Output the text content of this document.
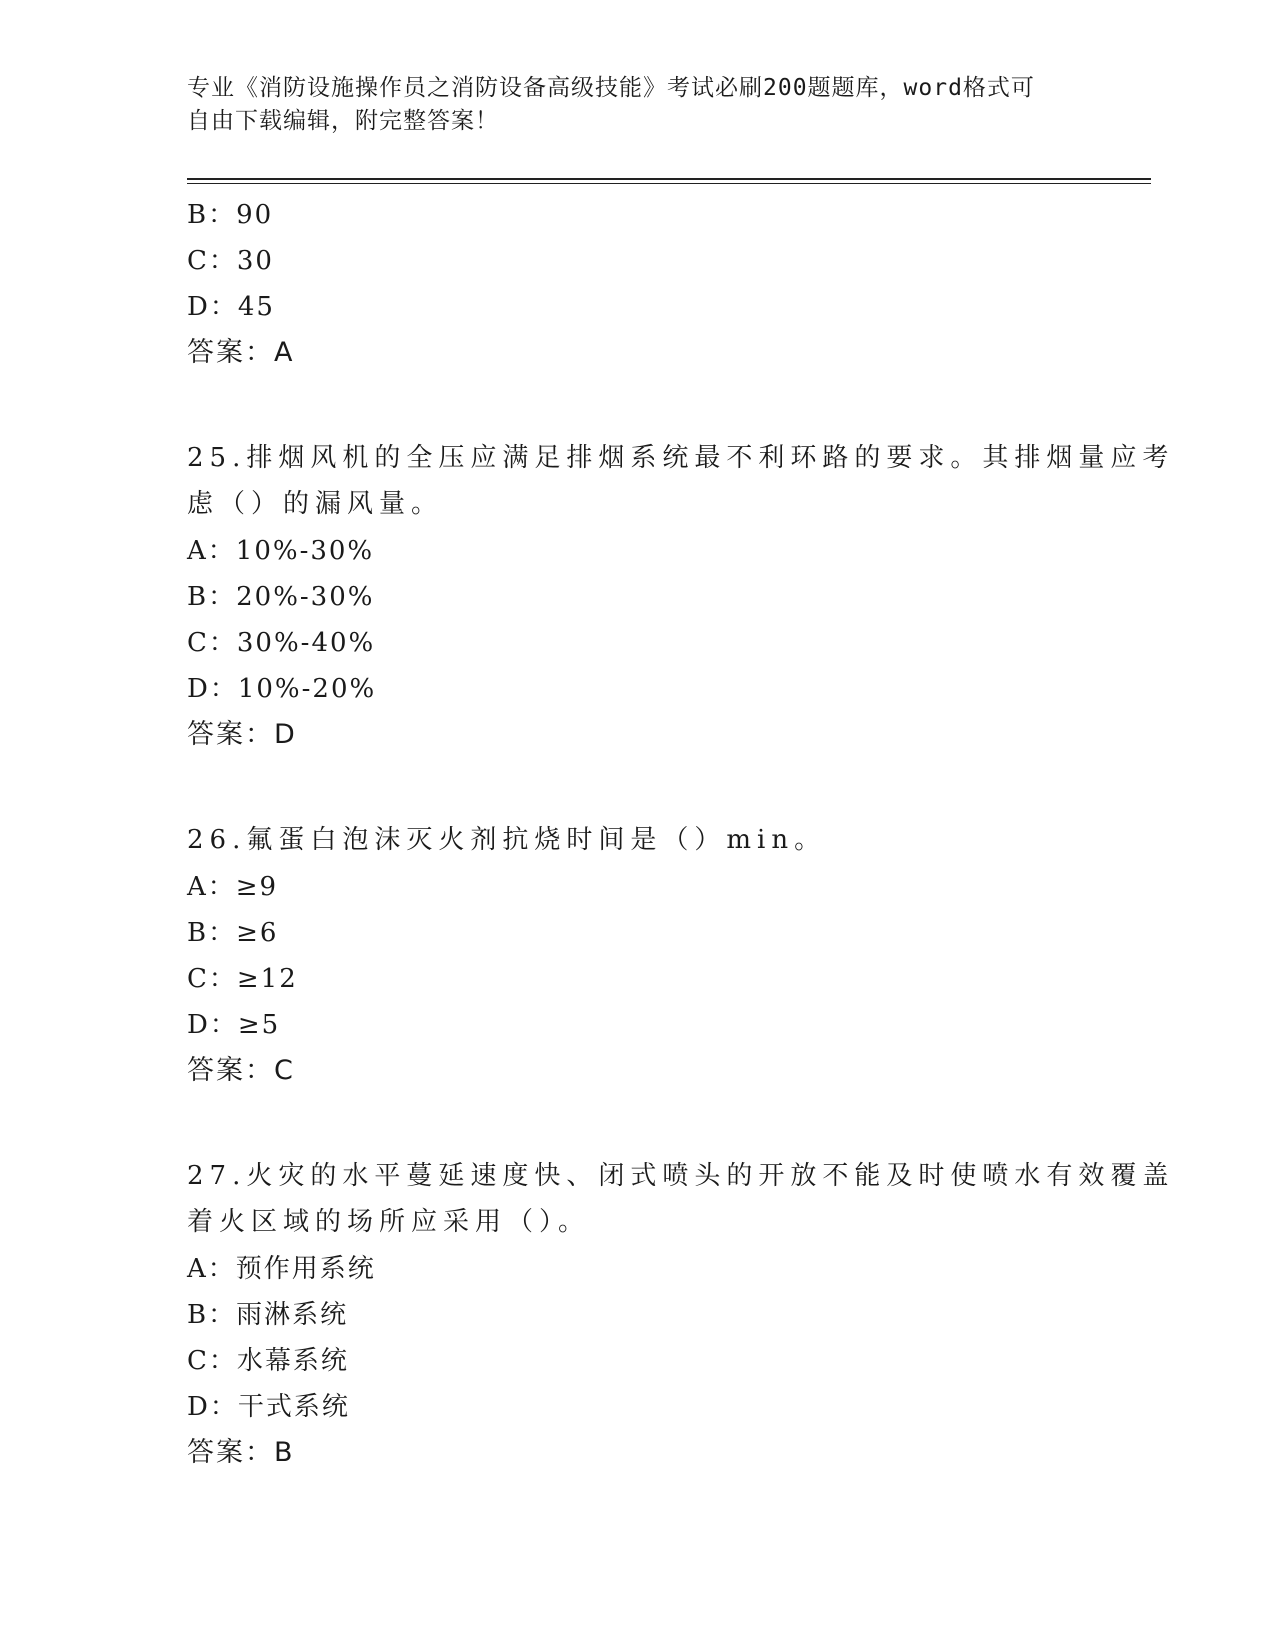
专业《消防设施操作员之消防设备高级技能》考试必刷200题题库，word格式可
自由下载编辑，附完整答案！
B：90
C：30
D：45
答案：A
25.排烟风机的全压应满足排烟系统最不利环路的要求。其排烟量应考
虑（）的漏风量。
A：10%-30%
B：20%-30%
C：30%-40%
D：10%-20%
答案：D
26.氟蛋白泡沫灭火剂抗烧时间是（）min。
A：≥9
B：≥6
C：≥12
D：≥5
答案：C
27.火灾的水平蔓延速度快、闭式喷头的开放不能及时使喷水有效覆盖
着火区域的场所应采用（）。
A：预作用系统
B：雨淋系统
C：水幕系统
D：干式系统
答案：B
